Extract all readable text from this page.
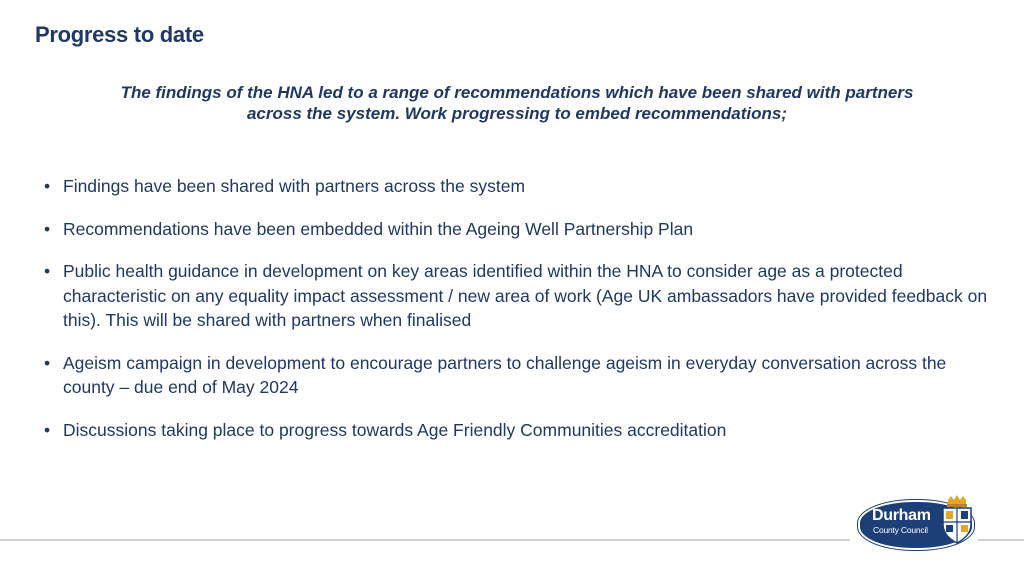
Progress to date
The findings of the HNA led to a range of recommendations which have been shared with partners
across the system. Work progressing to embed recommendations;
• Findings have been shared with partners across the system
• Recommendations have been embedded within the Ageing Well Partnership Plan
• Public health guidance in development on key areas identified within the HNA to consider age as a protected characteristic on any equality impact assessment / new area of work (Age UK ambassadors have provided feedback on this). This will be shared with partners when finalised
• Ageism campaign in development to encourage partners to challenge ageism in everyday conversation across the county – due end of May 2024
• Discussions taking place to progress towards Age Friendly Communities accreditation
Durham
County Council
